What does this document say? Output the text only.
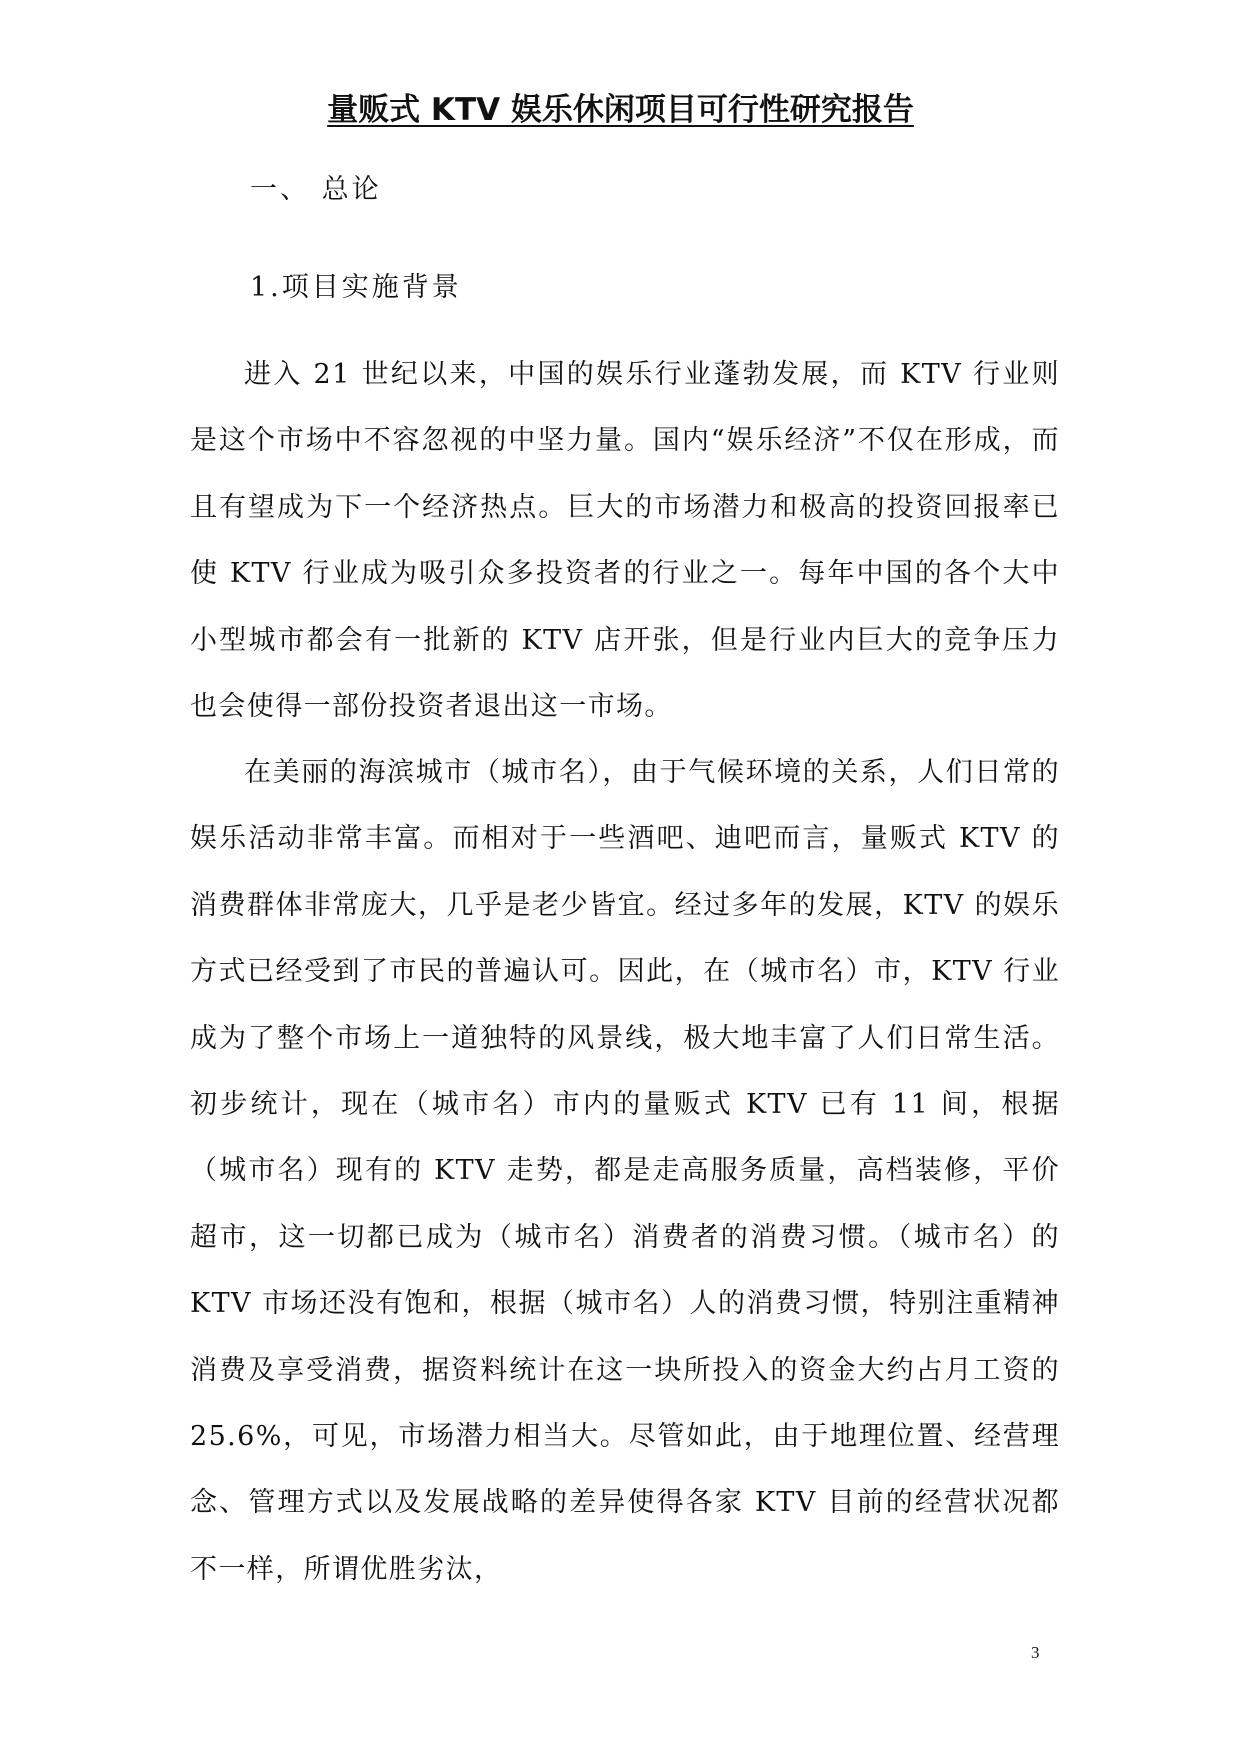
量贩式 KTV 娱乐休闲项目可行性研究报告

一、 总论

1.项目实施背景

进入 21 世纪以来，中国的娱乐行业蓬勃发展，而 KTV 行业则是这个市场中不容忽视的中坚力量。国内“娱乐经济”不仅在形成，而且有望成为下一个经济热点。巨大的市场潜力和极高的投资回报率已使 KTV 行业成为吸引众多投资者的行业之一。每年中国的各个大中小型城市都会有一批新的 KTV 店开张，但是行业内巨大的竞争压力也会使得一部份投资者退出这一市场。

在美丽的海滨城市（城市名），由于气候环境的关系，人们日常的娱乐活动非常丰富。而相对于一些酒吧、迪吧而言，量贩式 KTV 的消费群体非常庞大，几乎是老少皆宜。经过多年的发展，KTV 的娱乐方式已经受到了市民的普遍认可。因此，在（城市名）市，KTV 行业成为了整个市场上一道独特的风景线，极大地丰富了人们日常生活。初步统计，现在（城市名）市内的量贩式 KTV 已有 11 间，根据（城市名）现有的 KTV 走势，都是走高服务质量，高档装修，平价超市，这一切都已成为（城市名）消费者的消费习惯。（城市名）的 KTV 市场还没有饱和，根据（城市名）人的消费习惯，特别注重精神消费及享受消费，据资料统计在这一块所投入的资金大约占月工资的 25.6%，可见，市场潜力相当大。尽管如此，由于地理位置、经营理念、管理方式以及发展战略的差异使得各家 KTV 目前的经营状况都不一样，所谓优胜劣汰，

3
